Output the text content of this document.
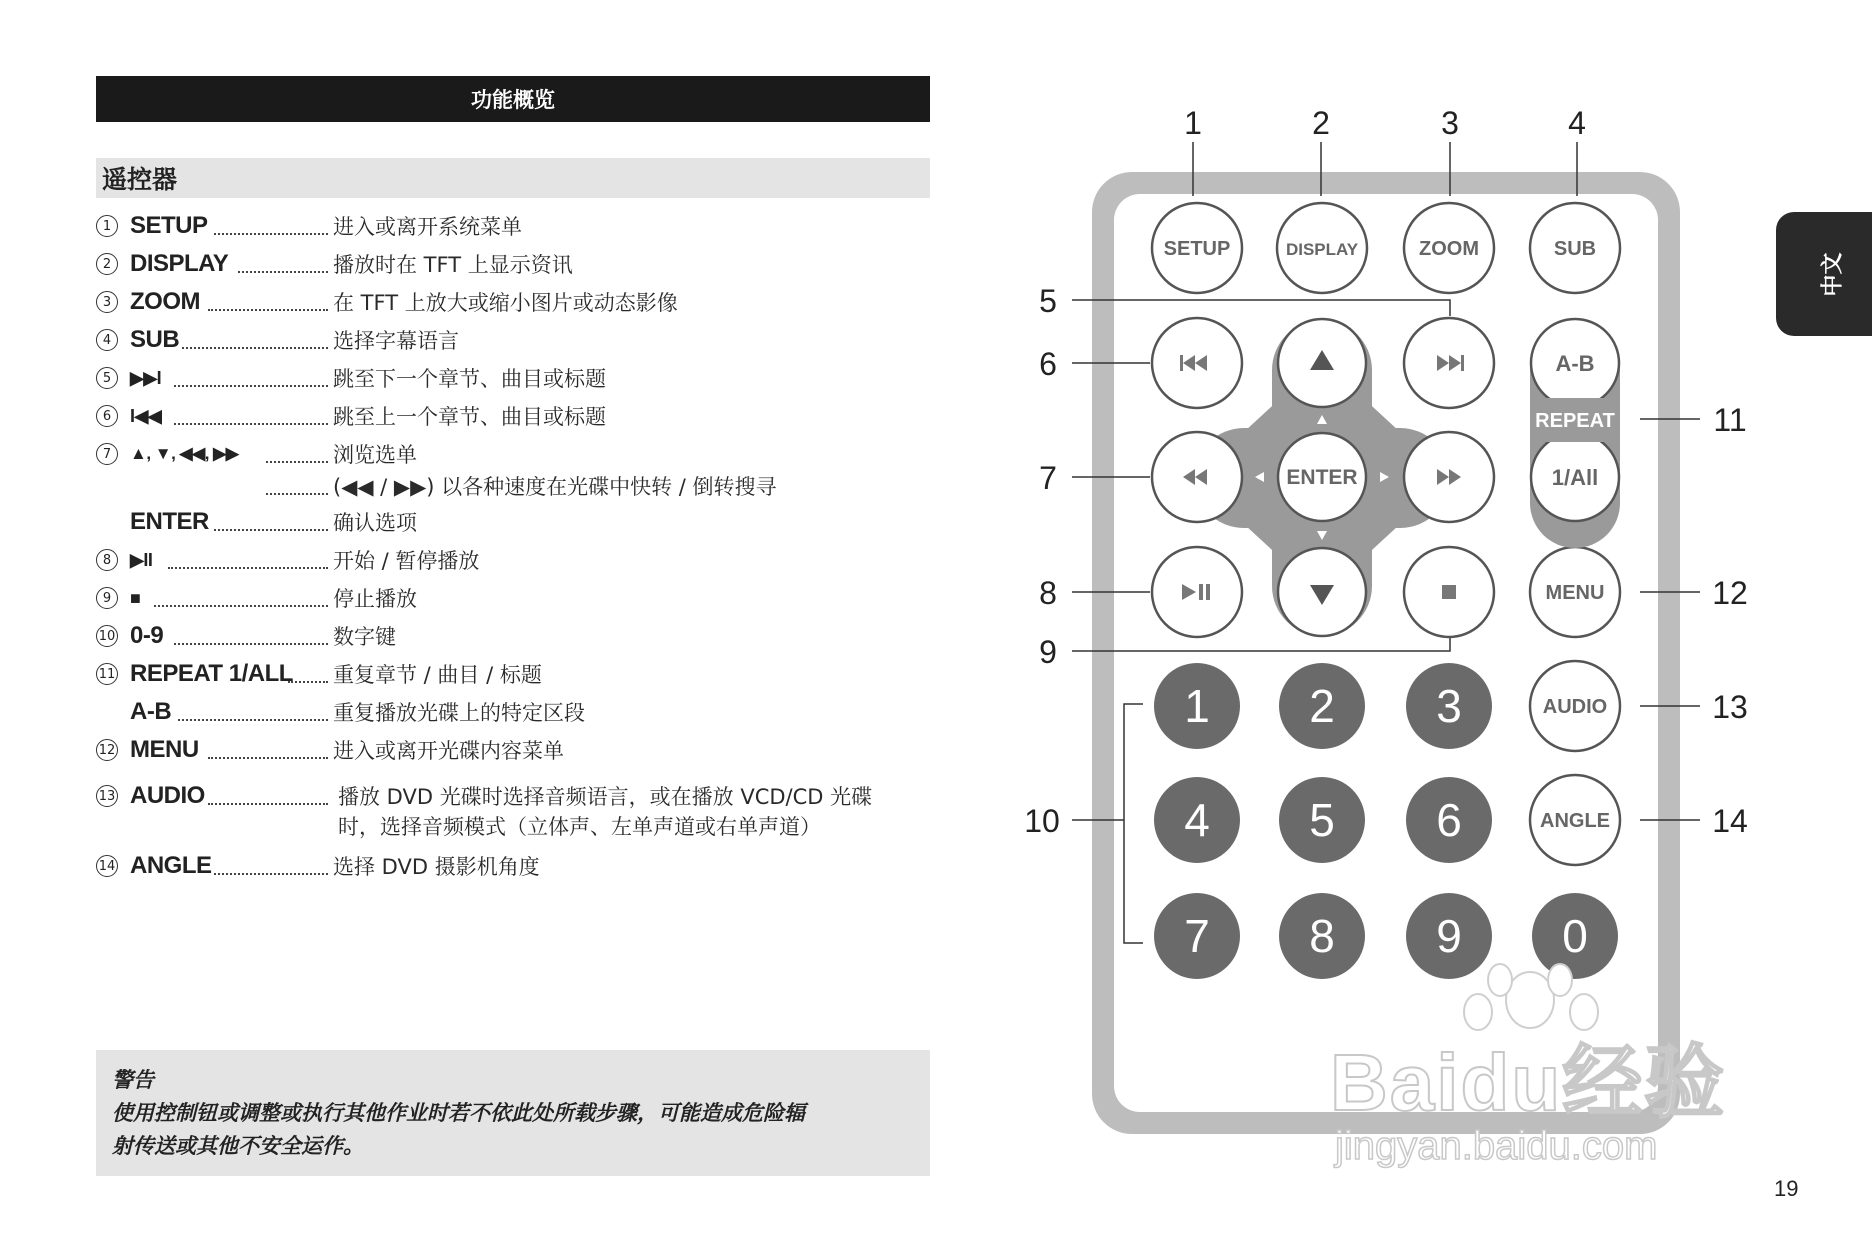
功能概览
遥控器
1 SETUP	进入或离开系统菜单
2 DISPLAY	播放时在 TFT 上显示资讯
3 ZOOM	在 TFT 上放大或缩小图片或动态影像
4 SUB	选择字幕语言
5	▶▶I	跳至下一个章节、曲目或标题
6	I◀◀	跳至上一个章节、曲目或标题
7	▲, ▼, ◀◀, ▶▶	浏览选单
(◀◀ / ▶▶) 以各种速度在光碟中快转 / 倒转搜寻
ENTER	确认选项
8	▶II	开始 / 暂停播放
9	■	停止播放
10 0-9	数字键
11 REPEAT 1/ALL 重复章节 / 曲目 / 标题
A-B	重复播放光碟上的特定区段
12 MENU	进入或离开光碟内容菜单
13 AUDIO	播放 DVD 光碟时选择音频语言，或在播放 VCD/CD 光碟
时，选择音频模式（立体声、左单声道或右单声道）
14 ANGLE	选择 DVD 摄影机角度
警告
使用控制钮或调整或执行其他作业时若不依此处所载步骤，可能造成危险辐
射传送或其他不安全运作。
中文
19
1	2	3	4
5
6
7
8
9
10
11
12
13
14
SETUP	DISPLAY	ZOOM	SUB
ENTER
A-B
REPEAT
1/All
MENU
AUDIO
ANGLE
1 2 3
4 5 6
7 8 9 0
Baidu经验
jingyan.baidu.com
